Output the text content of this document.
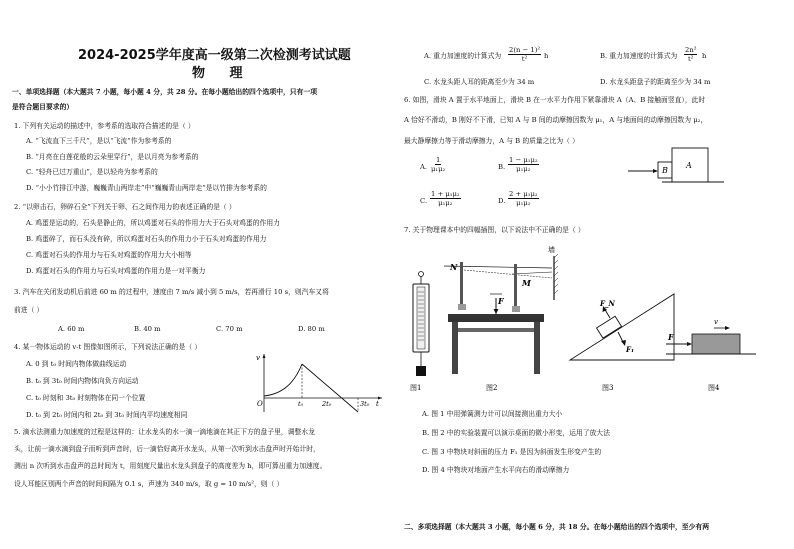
2024-2025学年度高一级第二次检测考试试题
物 理
一、单项选择题（本大题共 7 小题，每小题 4 分，共 28 分。在每小题给出的四个选项中，只有一项
是符合题目要求的）
1. 下列有关运动的描述中，参考系的选取符合描述的是（ ）
A. “飞流直下三千尺”，是以“飞流”作为参考系的
B. “月亮在白莲花般的云朵里穿行”，是以月亮为参考系的
C. “轻舟已过万重山”，是以轻舟为参考系的
D. “小小竹排江中游，巍巍青山两岸走”中“巍巍青山两岸走”是以竹排为参考系的
2. “以卵击石，卵碎石全”下列关于卵、石之间作用力的表述正确的是（ ）
A. 鸡蛋是运动的，石头是静止的，所以鸡蛋对石头的作用力大于石头对鸡蛋的作用力
B. 鸡蛋碎了，而石头没有碎，所以鸡蛋对石头的作用力小于石头对鸡蛋的作用力
C. 鸡蛋对石头的作用力与石头对鸡蛋的作用力大小相等
D. 鸡蛋对石头的作用力与石头对鸡蛋的作用力是一对平衡力
3. 汽车在关闭发动机后前进 60 m 的过程中，速度由 7 m/s 减小到 5 m/s，若再滑行 10 s，则汽车又将
前进（ ）
A. 60 m	B. 40 m	C. 70 m	D. 80 m
4. 某一物体运动的 v-t 图像如图所示，下列说法正确的是（ ）
A. 0 到 t₀ 时间内物体做曲线运动
B. t₀ 到 3t₀ 时间内物体向负方向运动
C. t₀ 时刻和 3t₀ 时刻物体在同一个位置
D. t₀ 到 2t₀ 时间内和 2t₀ 到 3t₀ 时间内平均速度相同
v
O	t₀	2t₀	3t₀ t
5. 滴水法测重力加速度的过程是这样的：让水龙头的水一滴一滴地滴在其正下方的盘子里，调整水龙
头，让前一滴水滴到盘子而听到声音时，后一滴恰好离开水龙头，从第一次听到水击盘声时开始计时，
测出 n 次听到水击盘声的总时间为 t，用刻度尺量出水龙头到盘子的高度差为 h，即可算出重力加速度。
设人耳能区别两个声音的时间间隔为 0.1 s，声速为 340 m/s，取 g = 10 m/s²，则（ ）
A. 重力加速度的计算式为 $\frac{\text{2(n − 1)²}}{\text{t²}}$ h	B. 重力加速度的计算式为 $\frac{\text{2n²}}{\text{t²}}$ h
C. 水龙头距人耳的距离至少为 34 m	D. 水龙头距盘子的距离至少为 34 m
6. 如图，滑块 A 置于水平地面上，滑块 B 在一水平力作用下紧靠滑块 A（A、B 接触面竖直），此时
A 恰好不滑动，B 刚好不下滑，已知 A 与 B 间的动摩擦因数为 μ₁，A 与地面间的动摩擦因数为 μ₂，
最大静摩擦力等于滑动摩擦力，A 与 B 的质量之比为（ ）
A. $\frac{1}{\text{μ₁μ₂}}$	B. $\frac{\text{1 − μ₁μ₂}}{\text{μ₁μ₂}}$
C. $\frac{\text{1 + μ₁μ₂}}{\text{μ₁μ₂}}$	D. $\frac{\text{2 + μ₁μ₂}}{\text{μ₁μ₂}}$
B
A
7. 关于物理课本中的四幅插图，以下说法中不正确的是（ ）
N
M
F
墙
F_N
F₁
v
F
图1	图2	图3	图4
A. 图 1 中用弹簧测力计可以间接测出重力大小
B. 图 2 中的实验装置可以演示桌面的微小形变，运用了放大法
C. 图 3 中物块对斜面的压力 F₁ 是因为斜面发生形变产生的
D. 图 4 中物块对地面产生水平向右的滑动摩擦力
二、多项选择题（本大题共 3 小题，每小题 6 分，共 18 分。在每小题给出的四个选项中，至少有两
